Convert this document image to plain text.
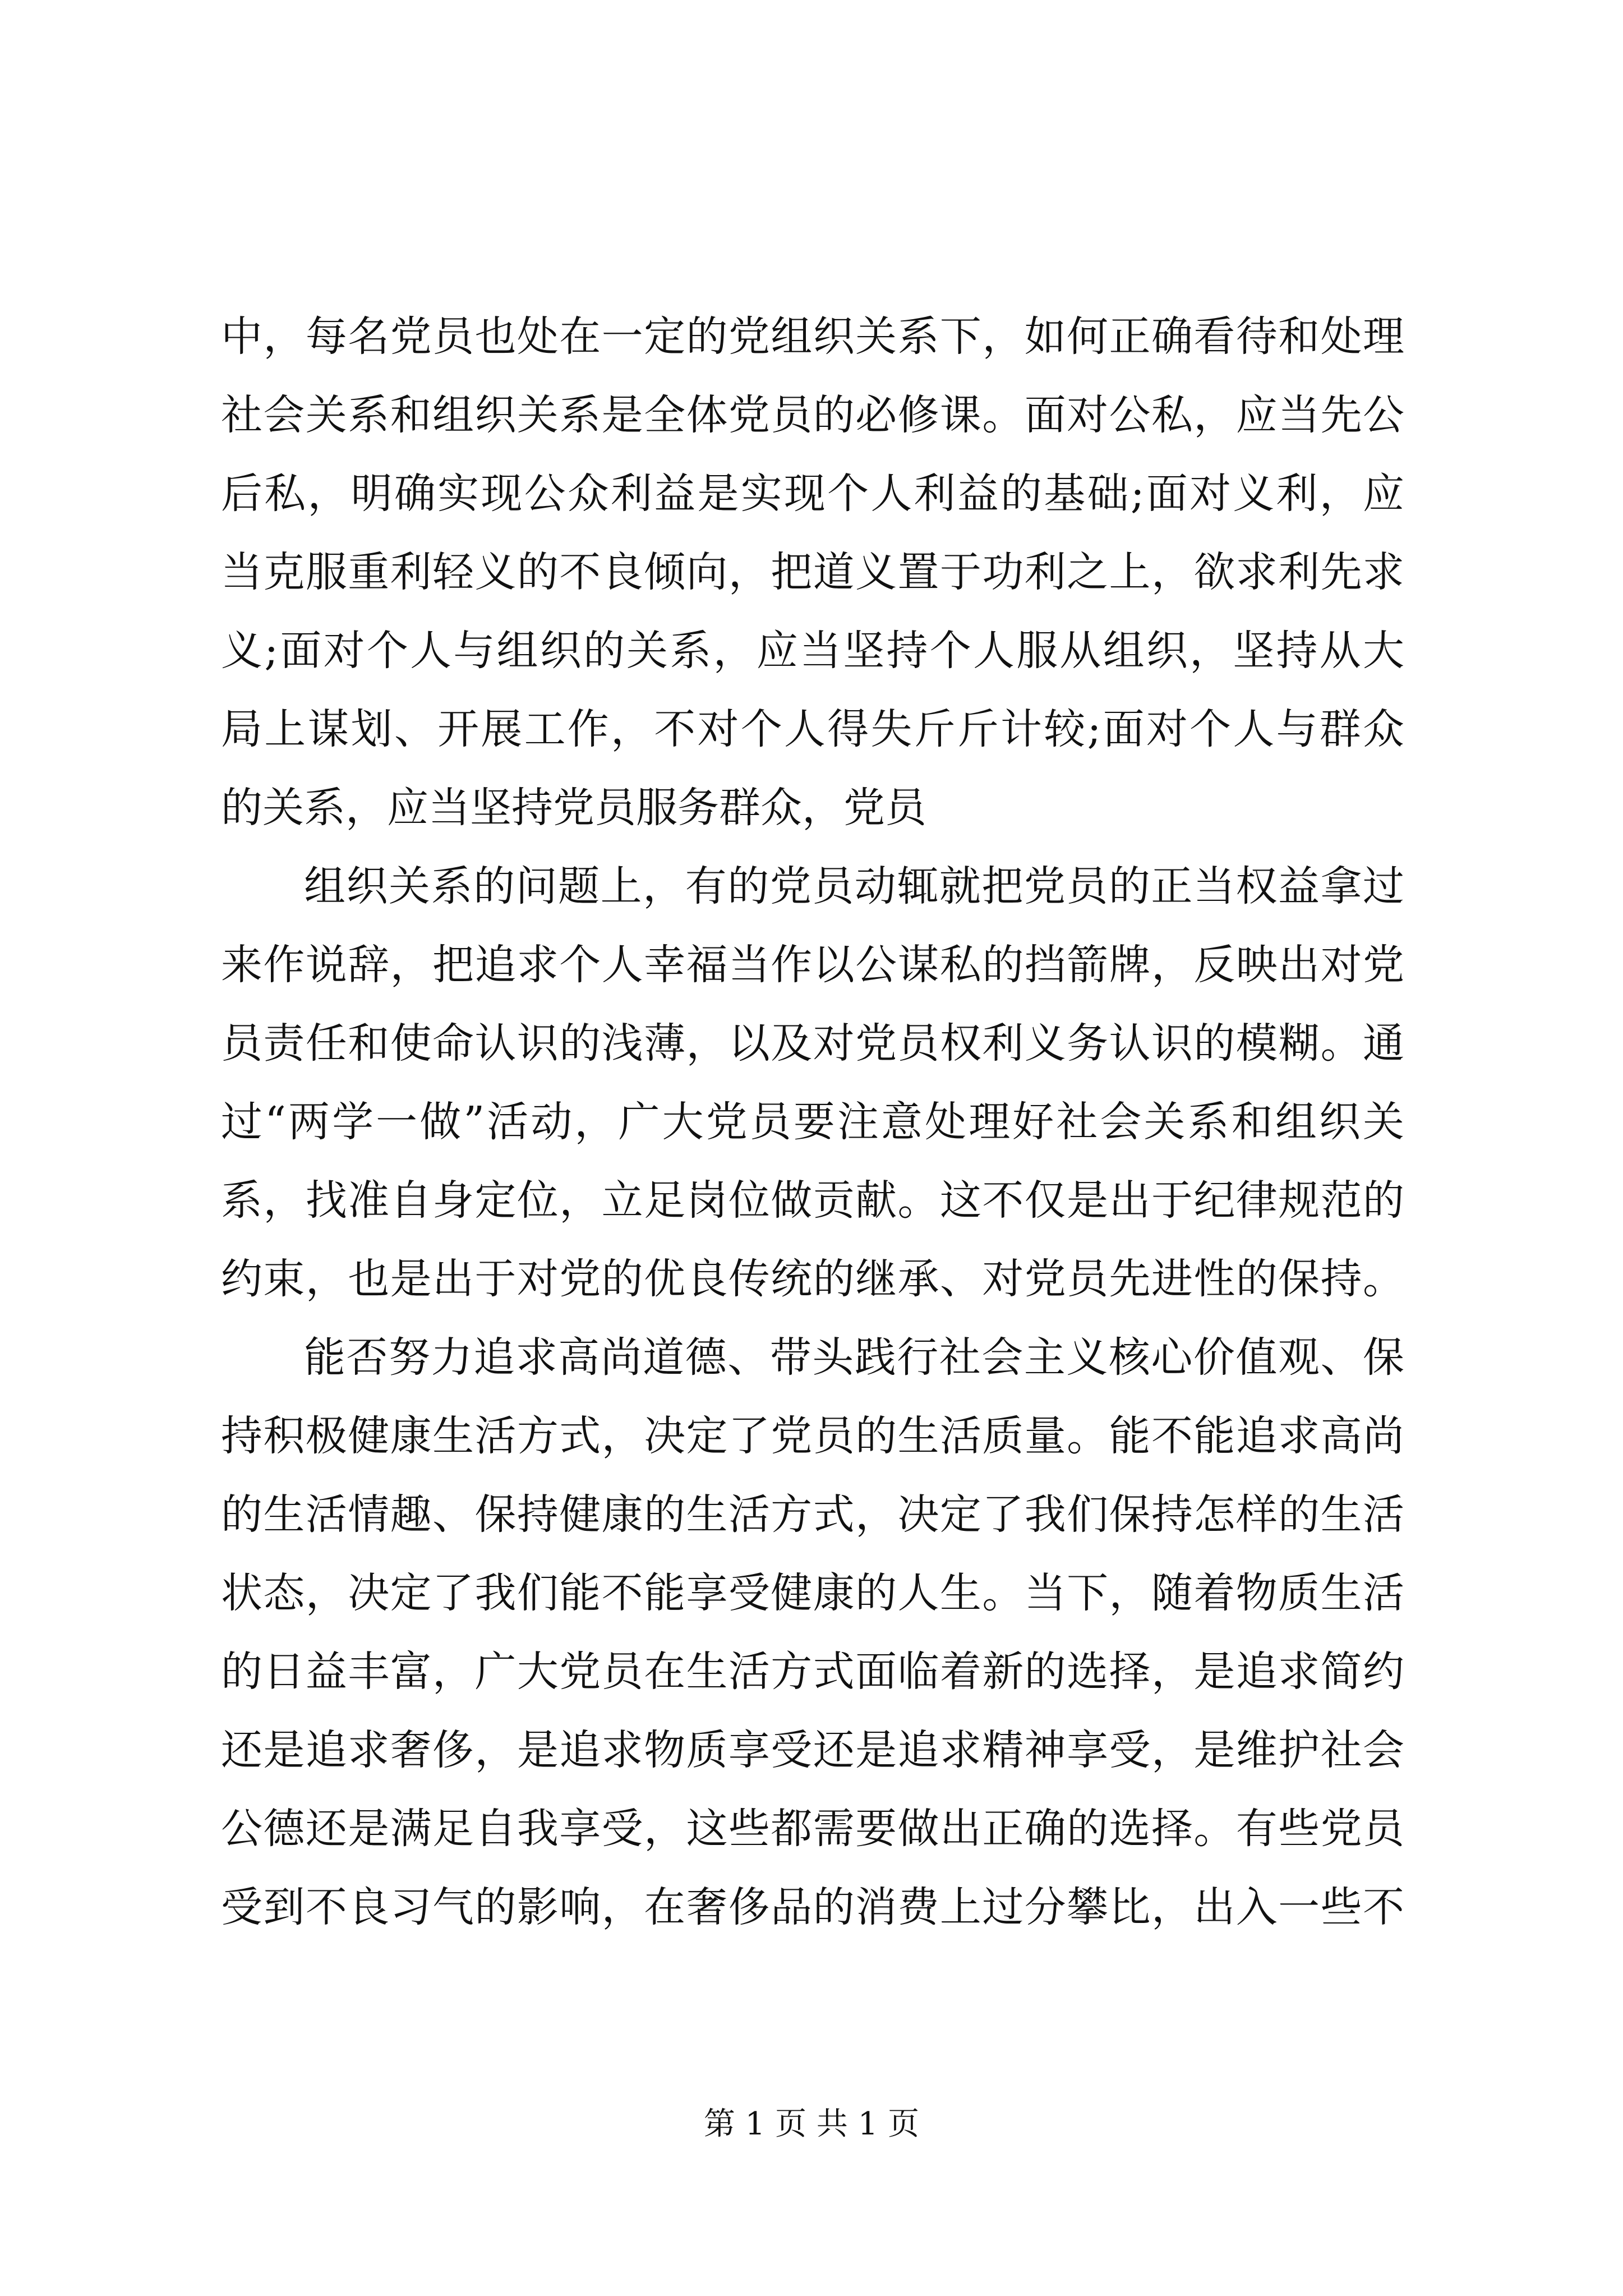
中，每名党员也处在一定的党组织关系下，如何正确看待和处理
社会关系和组织关系是全体党员的必修课。面对公私，应当先公
后私，明确实现公众利益是实现个人利益的基础;面对义利，应
当克服重利轻义的不良倾向，把道义置于功利之上，欲求利先求
义;面对个人与组织的关系，应当坚持个人服从组织，坚持从大
局上谋划、开展工作，不对个人得失斤斤计较;面对个人与群众
的关系，应当坚持党员服务群众，党员
组织关系的问题上，有的党员动辄就把党员的正当权益拿过
来作说辞，把追求个人幸福当作以公谋私的挡箭牌，反映出对党
员责任和使命认识的浅薄，以及对党员权利义务认识的模糊。通
过“两学一做”活动，广大党员要注意处理好社会关系和组织关
系，找准自身定位，立足岗位做贡献。这不仅是出于纪律规范的
约束，也是出于对党的优良传统的继承、对党员先进性的保持。
能否努力追求高尚道德、带头践行社会主义核心价值观、保
持积极健康生活方式，决定了党员的生活质量。能不能追求高尚
的生活情趣、保持健康的生活方式，决定了我们保持怎样的生活
状态，决定了我们能不能享受健康的人生。当下，随着物质生活
的日益丰富，广大党员在生活方式面临着新的选择，是追求简约
还是追求奢侈，是追求物质享受还是追求精神享受，是维护社会
公德还是满足自我享受，这些都需要做出正确的选择。有些党员
受到不良习气的影响，在奢侈品的消费上过分攀比，出入一些不
第 1 页 共 1 页
